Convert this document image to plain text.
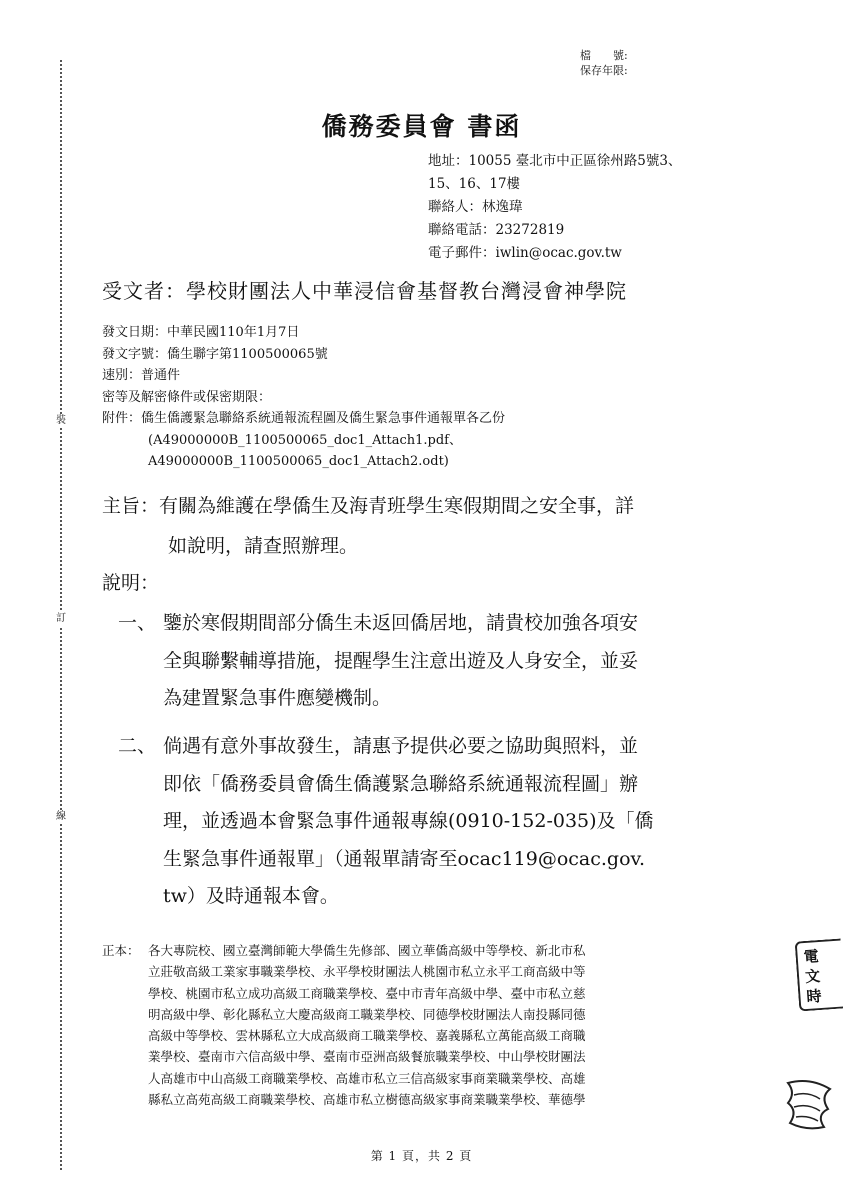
裝
訂
線
檔　　號:
保存年限:
僑務委員會 書函
地址：10055 臺北市中正區徐州路5號3、
15、16、17樓
聯絡人：林逸瑋
聯絡電話：23272819
電子郵件：iwlin@ocac.gov.tw
受文者：學校財團法人中華浸信會基督教台灣浸會神學院
發文日期：中華民國110年1月7日
發文字號：僑生聯字第1100500065號
速別：普通件
密等及解密條件或保密期限：
附件：僑生僑護緊急聯絡系統通報流程圖及僑生緊急事件通報單各乙份
(A49000000B_1100500065_doc1_Attach1.pdf、
A49000000B_1100500065_doc1_Attach2.odt)
主旨：有關為維護在學僑生及海青班學生寒假期間之安全事，詳
如說明，請查照辦理。
說明：
一、 鑒於寒假期間部分僑生未返回僑居地，請貴校加強各項安
全與聯繫輔導措施，提醒學生注意出遊及人身安全，並妥
為建置緊急事件應變機制。
二、 倘遇有意外事故發生，請惠予提供必要之協助與照料，並
即依「僑務委員會僑生僑護緊急聯絡系統通報流程圖」辦
理，並透過本會緊急事件通報專線(0910-152-035)及「僑
生緊急事件通報單」（通報單請寄至ocac119@ocac.gov.
tw）及時通報本會。
正本： 各大專院校、國立臺灣師範大學僑生先修部、國立華僑高級中等學校、新北市私
立莊敬高級工業家事職業學校、永平學校財團法人桃園市私立永平工商高級中等
學校、桃園市私立成功高級工商職業學校、臺中市青年高級中學、臺中市私立慈
明高級中學、彰化縣私立大慶高級商工職業學校、同德學校財團法人南投縣同德
高級中等學校、雲林縣私立大成高級商工職業學校、嘉義縣私立萬能高級工商職
業學校、臺南市六信高級中學、臺南市亞洲高級餐旅職業學校、中山學校財團法
人高雄市中山高級工商職業學校、高雄市私立三信高級家事商業職業學校、高雄
縣私立高苑高級工商職業學校、高雄市私立樹德高級家事商業職業學校、華德學
電
文
時
第 1 頁，共 2 頁
